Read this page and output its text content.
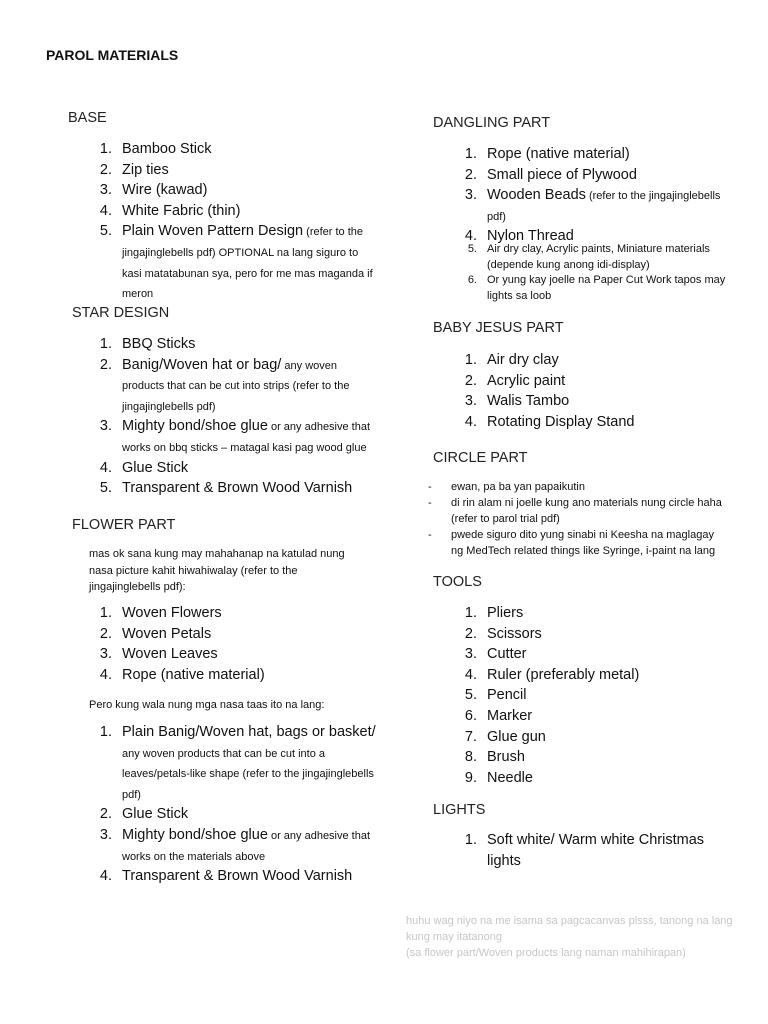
PAROL MATERIALS
BASE
1. Bamboo Stick
2. Zip ties
3. Wire (kawad)
4. White Fabric (thin)
5. Plain Woven Pattern Design (refer to the jingajinglebells pdf) OPTIONAL na lang siguro to kasi matatabunan sya, pero for me mas maganda if meron
STAR DESIGN
1. BBQ Sticks
2. Banig/Woven hat or bag/ any woven products that can be cut into strips (refer to the jingajinglebells pdf)
3. Mighty bond/shoe glue or any adhesive that works on bbq sticks – matagal kasi pag wood glue
4. Glue Stick
5. Transparent & Brown Wood Varnish
FLOWER PART
mas ok sana kung may mahahanap na katulad nung nasa picture kahit hiwahiwalay (refer to the jingajinglebells pdf):
1. Woven Flowers
2. Woven Petals
3. Woven Leaves
4. Rope (native material)
Pero kung wala nung mga nasa taas ito na lang:
1. Plain Banig/Woven hat, bags or basket/ any woven products that can be cut into a leaves/petals-like shape (refer to the jingajinglebells pdf)
2. Glue Stick
3. Mighty bond/shoe glue or any adhesive that works on the materials above
4. Transparent & Brown Wood Varnish
DANGLING PART
1. Rope (native material)
2. Small piece of Plywood
3. Wooden Beads (refer to the jingajinglebells pdf)
4. Nylon Thread
5. Air dry clay, Acrylic paints, Miniature materials (depende kung anong idi-display)
6. Or yung kay joelle na Paper Cut Work tapos may lights sa loob
BABY JESUS PART
1. Air dry clay
2. Acrylic paint
3. Walis Tambo
4. Rotating Display Stand
CIRCLE PART
- ewan, pa ba yan papaikutin
- di rin alam ni joelle kung ano materials nung circle haha (refer to parol trial pdf)
- pwede siguro dito yung sinabi ni Keesha na maglagay ng MedTech related things like Syringe, i-paint na lang
TOOLS
1. Pliers
2. Scissors
3. Cutter
4. Ruler (preferably metal)
5. Pencil
6. Marker
7. Glue gun
8. Brush
9. Needle
LIGHTS
1. Soft white/ Warm white Christmas lights
huhu wag niyo na me isama sa pagcacanvas plsss, tanong na lang kung may itatanong
(sa flower part/Woven products lang naman mahihirapan)
